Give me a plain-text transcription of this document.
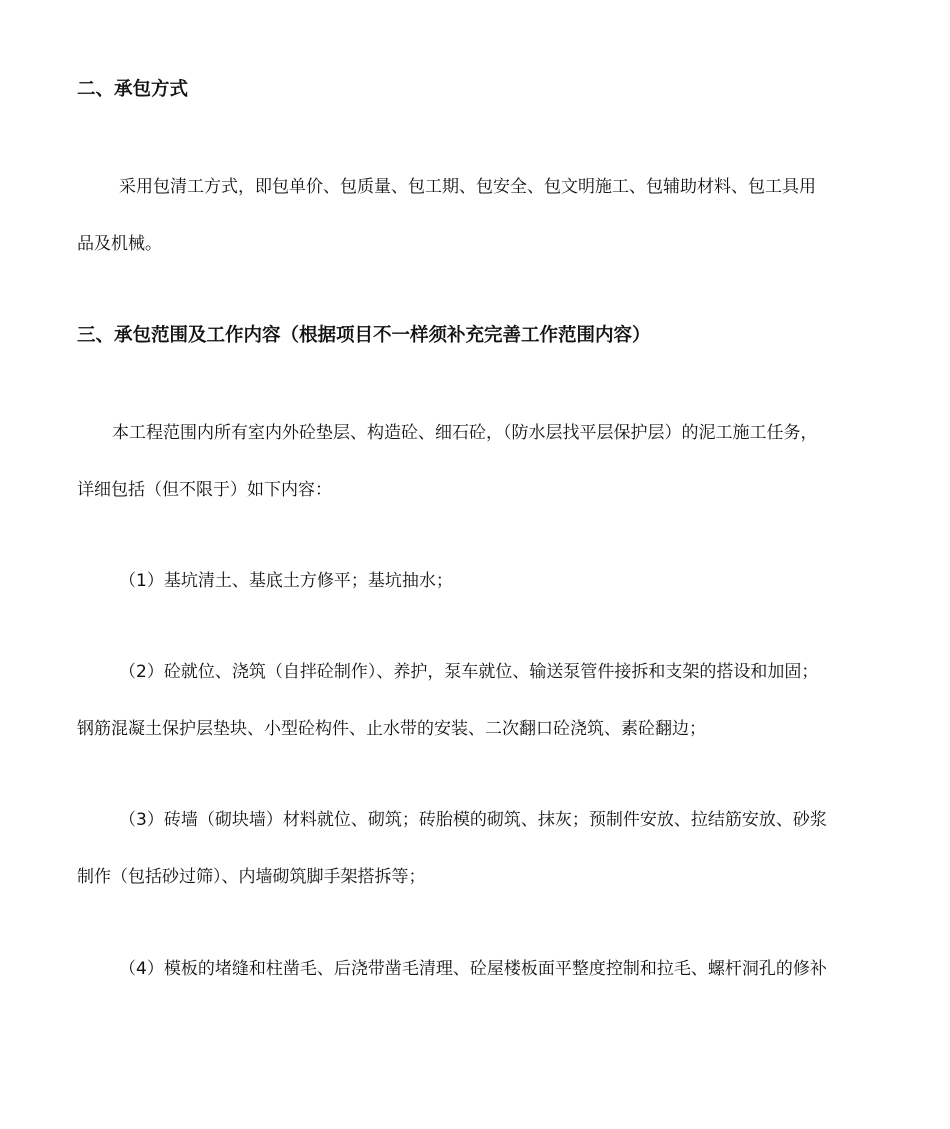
二、承包方式
采用包清工方式，即包单价、包质量、包工期、包安全、包文明施工、包辅助材料、包工具用
品及机械。
三、承包范围及工作内容（根据项目不一样须补充完善工作范围内容）
本工程范围内所有室内外砼垫层、构造砼、细石砼，（防水层找平层保护层）的泥工施工任务，
详细包括（但不限于）如下内容：
（1）基坑清土、基底土方修平；基坑抽水；
（2）砼就位、浇筑（自拌砼制作）、养护，泵车就位、输送泵管件接拆和支架的搭设和加固；
钢筋混凝土保护层垫块、小型砼构件、止水带的安装、二次翻口砼浇筑、素砼翻边；
（3）砖墙（砌块墙）材料就位、砌筑；砖胎模的砌筑、抹灰；预制件安放、拉结筋安放、砂浆
制作（包括砂过筛）、内墙砌筑脚手架搭拆等；
（4）模板的堵缝和柱凿毛、后浇带凿毛清理、砼屋楼板面平整度控制和拉毛、螺杆洞孔的修补
